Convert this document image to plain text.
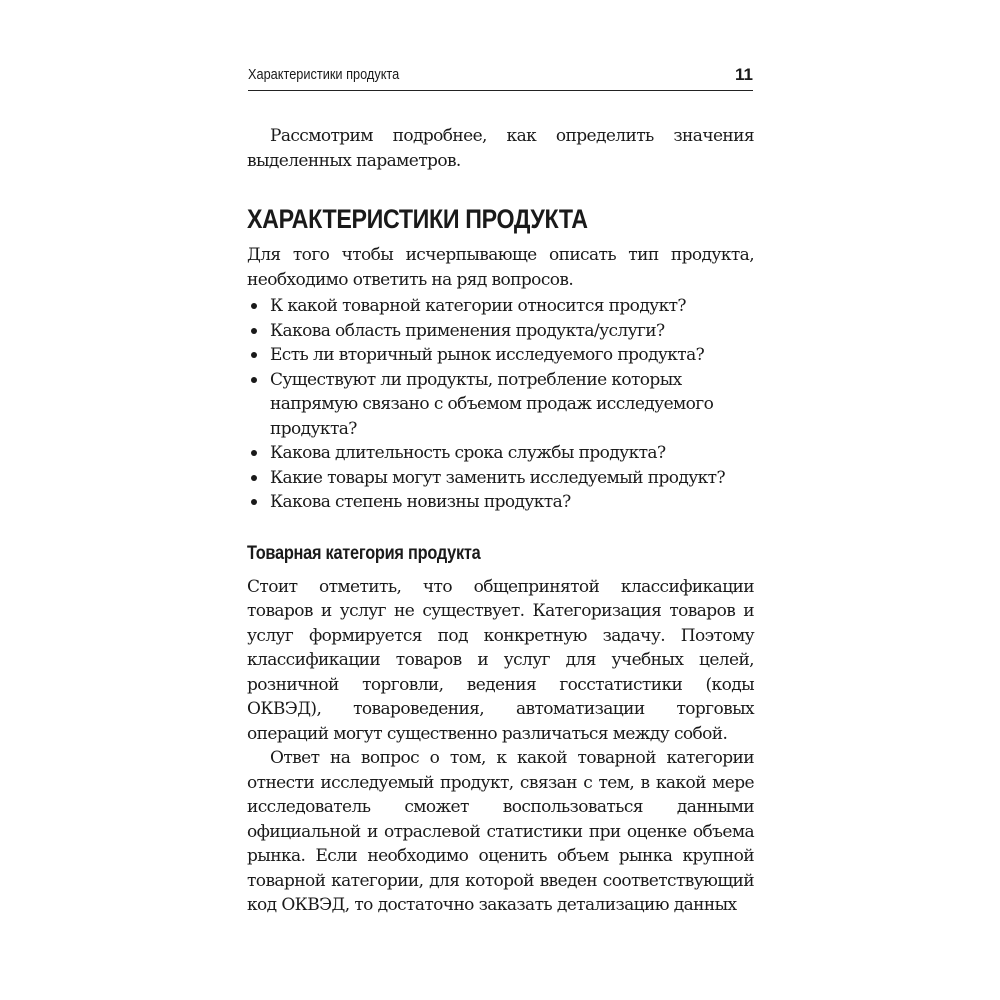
Характеристики продукта	11

Рассмотрим подробнее, как определить значения выделенных параметров.

ХАРАКТЕРИСТИКИ ПРОДУКТА

Для того чтобы исчерпывающе описать тип продукта, необходимо ответить на ряд вопросов.

К какой товарной категории относится продукт?
Какова область применения продукта/услуги?
Есть ли вторичный рынок исследуемого продукта?
Существуют ли продукты, потребление которых напрямую связано с объемом продаж исследуемого продукта?
Какова длительность срока службы продукта?
Какие товары могут заменить исследуемый продукт?
Какова степень новизны продукта?
Товарная категория продукта

Стоит отметить, что общепринятой классификации товаров и услуг не существует. Категоризация товаров и услуг формируется под конкретную задачу. Поэтому классификации товаров и услуг для учебных целей, розничной торговли, ведения госстатистики (коды ОКВЭД), товароведения, автоматизации торговых операций могут существенно различаться между собой.

Ответ на вопрос о том, к какой товарной категории отнести исследуемый продукт, связан с тем, в какой мере исследователь сможет воспользоваться данными официальной и отраслевой статистики при оценке объема рынка. Если необходимо оценить объем рынка крупной товарной категории, для которой введен соответствующий код ОКВЭД, то достаточно заказать детализацию данных
